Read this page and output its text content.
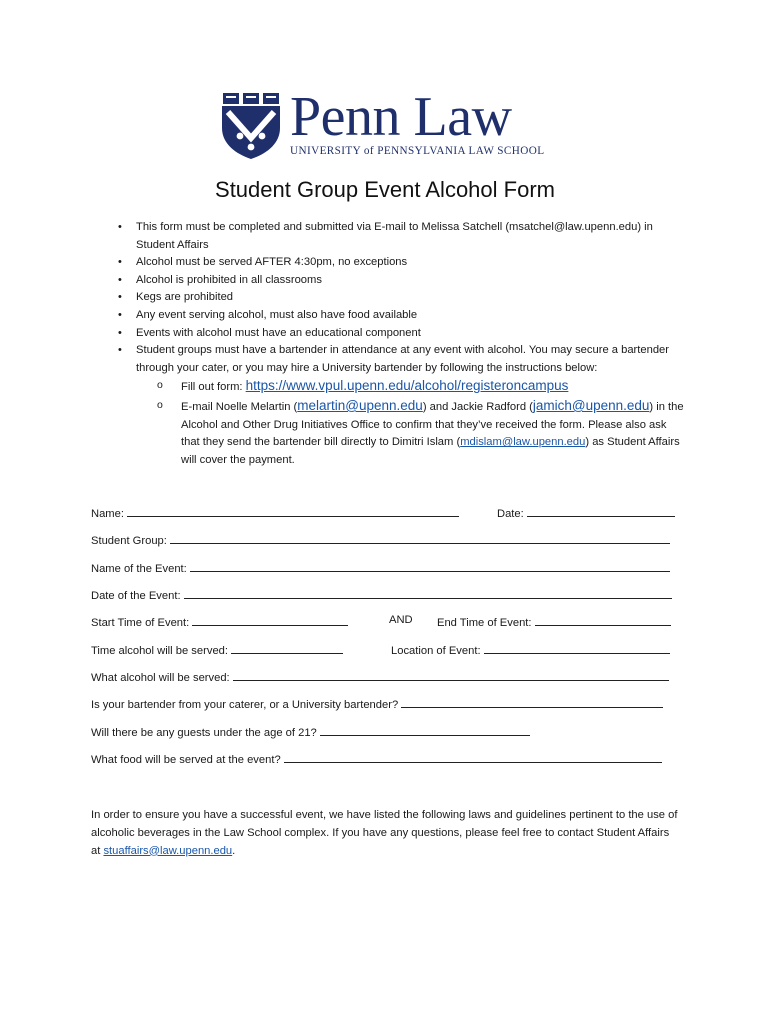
Penn Law
UNIVERSITY of PENNSYLVANIA LAW SCHOOL
Student Group Event Alcohol Form
• This form must be completed and submitted via E-mail to Melissa Satchell (msatchel@law.upenn.edu) in Student Affairs
• Alcohol must be served AFTER 4:30pm, no exceptions
• Alcohol is prohibited in all classrooms
• Kegs are prohibited
• Any event serving alcohol, must also have food available
• Events with alcohol must have an educational component
• Student groups must have a bartender in attendance at any event with alcohol. You may secure a bartender through your cater, or you may hire a University bartender by following the instructions below:
o Fill out form: https://www.vpul.upenn.edu/alcohol/registeroncampus
o E-mail Noelle Melartin (melartin@upenn.edu) and Jackie Radford (jamich@upenn.edu) in the Alcohol and Other Drug Initiatives Office to confirm that they’ve received the form. Please also ask that they send the bartender bill directly to Dimitri Islam (mdislam@law.upenn.edu) as Student Affairs will cover the payment.
Name:	Date:
Student Group:
Name of the Event:
Date of the Event:
Start Time of Event:	AND End Time of Event:
Time alcohol will be served:	Location of Event:
What alcohol will be served:
Is your bartender from your caterer, or a University bartender?
Will there be any guests under the age of 21?
What food will be served at the event?
In order to ensure you have a successful event, we have listed the following laws and guidelines pertinent to the use of alcoholic beverages in the Law School complex. If you have any questions, please feel free to contact Student Affairs at stuaffairs@law.upenn.edu.
